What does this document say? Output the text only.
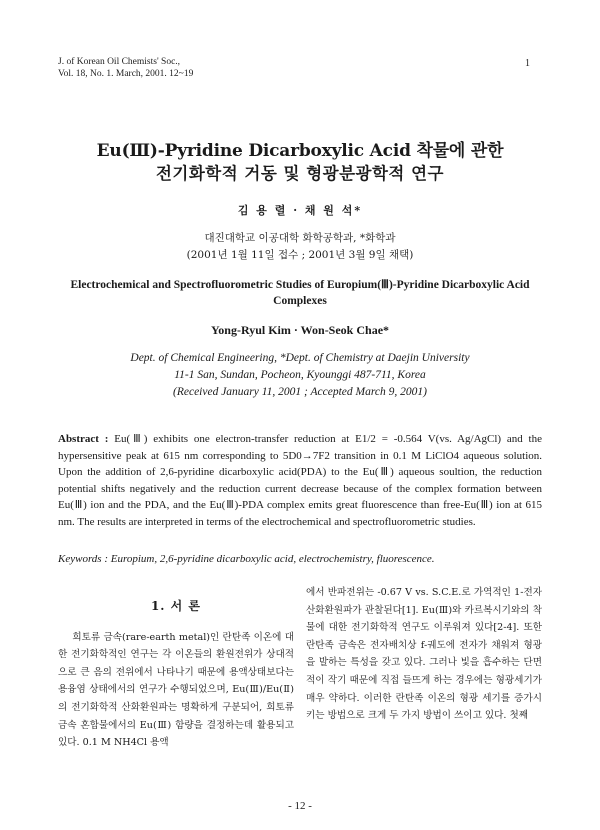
J. of Korean Oil Chemists' Soc.,
Vol. 18, No. 1. March, 2001. 12~19
1
Eu(Ⅲ)-Pyridine Dicarboxylic Acid 착물에 관한
전기화학적 거동 및 형광분광학적 연구
김 용 렬 · 채 원 석*
대진대학교 이공대학 화학공학과, *화학과
(2001년 1월 11일 접수 ; 2001년 3월 9일 채택)
Electrochemical and Spectrofluorometric Studies of Europium(Ⅲ)-Pyridine Dicarboxylic Acid Complexes
Yong-Ryul Kim · Won-Seok Chae*
Dept. of Chemical Engineering, *Dept. of Chemistry at Daejin University
11-1 San, Sundan, Pocheon, Kyounggi 487-711, Korea
(Received January 11, 2001 ; Accepted March 9, 2001)
Abstract : Eu(Ⅲ) exhibits one electron-transfer reduction at E1/2 = -0.564 V(vs. Ag/AgCl) and the hypersensitive peak at 615 nm corresponding to 5D0→7F2 transition in 0.1 M LiClO4 aqueous solution. Upon the addition of 2,6-pyridine dicarboxylic acid(PDA) to the Eu(Ⅲ) aqueous soultion, the reduction potential shifts negatively and the reduction current decrease because of the complex formation between Eu(Ⅲ) ion and the PDA, and the Eu(Ⅲ)-PDA complex emits great fluorescence than free-Eu(Ⅲ) ion at 615 nm. The results are interpreted in terms of the electrochemical and spectrofluorometric studies.
Keywords : Europium, 2,6-pyridine dicarboxylic acid, electrochemistry, fluorescence.
1. 서 론

희토류 금속(rare-earth metal)인 란탄족 이온에 대한 전기화학적인 연구는 각 이온들의 환원전위가 상대적으로 큰 음의 전위에서 나타나기 때문에 용액상태보다는 용융염 상태에서의 연구가 수행되었으며, Eu(Ⅲ)/Eu(Ⅱ)의 전기화학적 산화환원파는 명확하게 구분되어, 희토류 금속 혼합물에서의 Eu(Ⅲ) 함량을 결정하는데 활용되고 있다. 0.1 M NH4Cl 용액

에서 반파전위는 -0.67 V vs. S.C.E.로 가역적인 1-전자 산화환원파가 관찰된다[1]. Eu(Ⅲ)와 카르복시기와의 착물에 대한 전기화학적 연구도 이루워져 있다[2-4]. 또한 란탄족 금속은 전자배치상 f-궤도에 전자가 채워져 형광을 발하는 특성을 갖고 있다. 그러나 빛을 흡수하는 단면적이 작기 때문에 직접 들뜨게 하는 경우에는 형광세기가 매우 약하다. 이러한 란탄족 이온의 형광 세기를 증가시키는 방법으로 크게 두 가지 방법이 쓰이고 있다. 첫째

- 12 -
